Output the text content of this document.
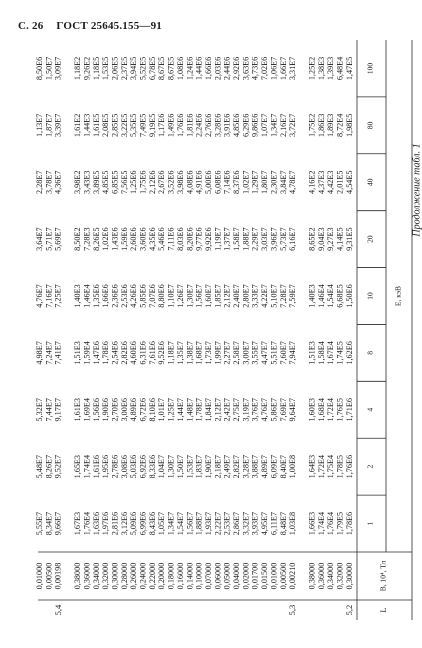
С. 26 ГОСТ 25645.155—91
Продолжение табл. 1
L
B, 10⁴, Тл
E, кэВ
1
2
4
8
10
20
40
80
100
0,30000
1,78E6
1,76E6
1,71E6
1,62E6
1,50E6
9,31E5
4,54E5
1,98E5
1,47E5
0,32000
1,79E5
1,78E5
1,76E5
1,74E5
6,68E5
4,14E5
2,01E5
8,72E4
6,48E4
0,34000
1,76E4
1,75E4
1,72E4
1,67E4
1,54E4
9,27E3
4,42E3
1,89E3
1,39E3
0,36000
1,74E4
1,72E4
1,68E4
1,58E4
1,46E4
9,04E3
4,37E3
1,86E3
1,38E3
0,38000
1,66E3
1,64E3
1,60E3
1,51E3
1,40E3
8,65E2
4,16E2
1,75E2
1,25E2
5,2
0,00210
1,03E8
1,00E8
9,64E7
7,94E7
7,59E7
6,16E7
4,78E7
3,72E7
3,31E7
0,00500
8,48E7
8,40E7
7,69E7
7,60E7
7,28E7
5,73E7
3,84E7
2,16E7
1,66E7
0,01000
6,11E7
6,09E7
5,86E7
5,51E7
5,10E7
3,96E7
2,30E7
1,34E7
1,06E7
0,01500
4,95E7
4,89E7
4,76E7
4,47E7
4,22E7
3,03E7
1,80E7
1,07E7
7,02E6
0,01700
3,93E7
3,88E7
3,76E7
3,55E7
3,33E7
2,29E7
1,29E7
9,86E6
4,73E6
0,02000
3,32E7
3,28E7
3,19E7
3,00E7
2,80E7
1,88E7
1,02E7
6,29E6
3,63E6
0,04000
2,86E7
2,82E7
2,75E7
2,58E7
2,40E7
1,58E7
8,37E6
4,85E6
2,92E6
0,05000
2,53E7
2,49E7
2,42E7
2,27E7
2,12E7
1,37E7
7,14E6
3,91E6
2,44E6
0,06000
2,22E7
2,18E7
2,12E7
1,99E7
1,85E7
1,19E7
6,08E6
3,28E6
2,03E6
0,07000
1,93E7
1,90E7
1,84E7
1,73E7
1,60E7
9,92E6
5,00E6
2,76E6
1,66E6
0,10000
1,88E7
1,83E7
1,78E7
1,68E7
1,56E7
9,77E6
4,91E6
2,24E6
1,44E6
0,14000
1,56E7
1,53E7
1,48E7
1,38E7
1,30E7
8,20E6
4,08E6
1,81E6
1,24E6
0,16000
1,54E7
1,50E7
1,44E7
1,35E7
1,26E7
8,03E6
3,98E6
1,76E6
1,08E6
0,18000
1,34E7
1,30E7
1,25E7
1,18E7
1,10E7
7,11E6
3,52E6
1,49E6
8,67E5
0,20000
1,05E7
1,04E7
1,01E7
9,52E6
8,80E6
5,46E6
2,67E6
1,17E6
8,67E5
0,22000
8,43E6
8,33E6
8,10E6
7,61E6
7,07E6
4,35E6
2,12E6
9,19E5
6,78E5
0,24000
6,99E6
6,92E6
6,72E6
6,31E6
5,85E6
3,60E6
1,75E6
7,49E5
5,52E5
0,26000
5,09E6
5,03E6
4,89E6
4,60E6
4,26E6
2,60E6
1,25E6
5,35E5
3,94E5
0,28000
3,12E6
3,08E6
3,00E6
2,82E6
2,53E6
1,59E6
7,56E5
3,22E5
2,37E5
0,30000
2,81E6
2,78E6
2,70E6
2,54E6
2,36E6
1,43E6
6,85E5
2,85E5
2,06E5
0,32000
1,97E6
1,95E6
1,90E6
1,78E6
1,66E6
1,02E6
4,85E5
2,08E5
1,53E5
0,34000
1,63E6
1,61E6
1,56E6
1,47E6
1,35E6
8,26E5
3,89E5
1,61E5
1,18E5
0,36000
1,76E4
1,74E4
1,69E4
1,59E4
1,46E4
7,28E3
3,43E3
1,44E3
9,26E2
0,38000
1,67E3
1,65E3
1,61E3
1,51E3
1,40E3
8,50E2
3,98E2
1,61E2
1,18E2
5,3
0,00198
9,66E7
9,52E7
9,17E7
7,41E7
7,25E7
5,69E7
4,36E7
3,39E7
3,09E7
0,00500
8,34E7
8,26E7
7,44E7
7,24E7
7,16E7
5,71E7
3,78E7
1,87E7
1,50E7
0,01000
5,55E7
5,48E7
5,32E7
4,98E7
4,76E7
3,64E7
2,28E7
1,13E7
8,50E6
5,4
